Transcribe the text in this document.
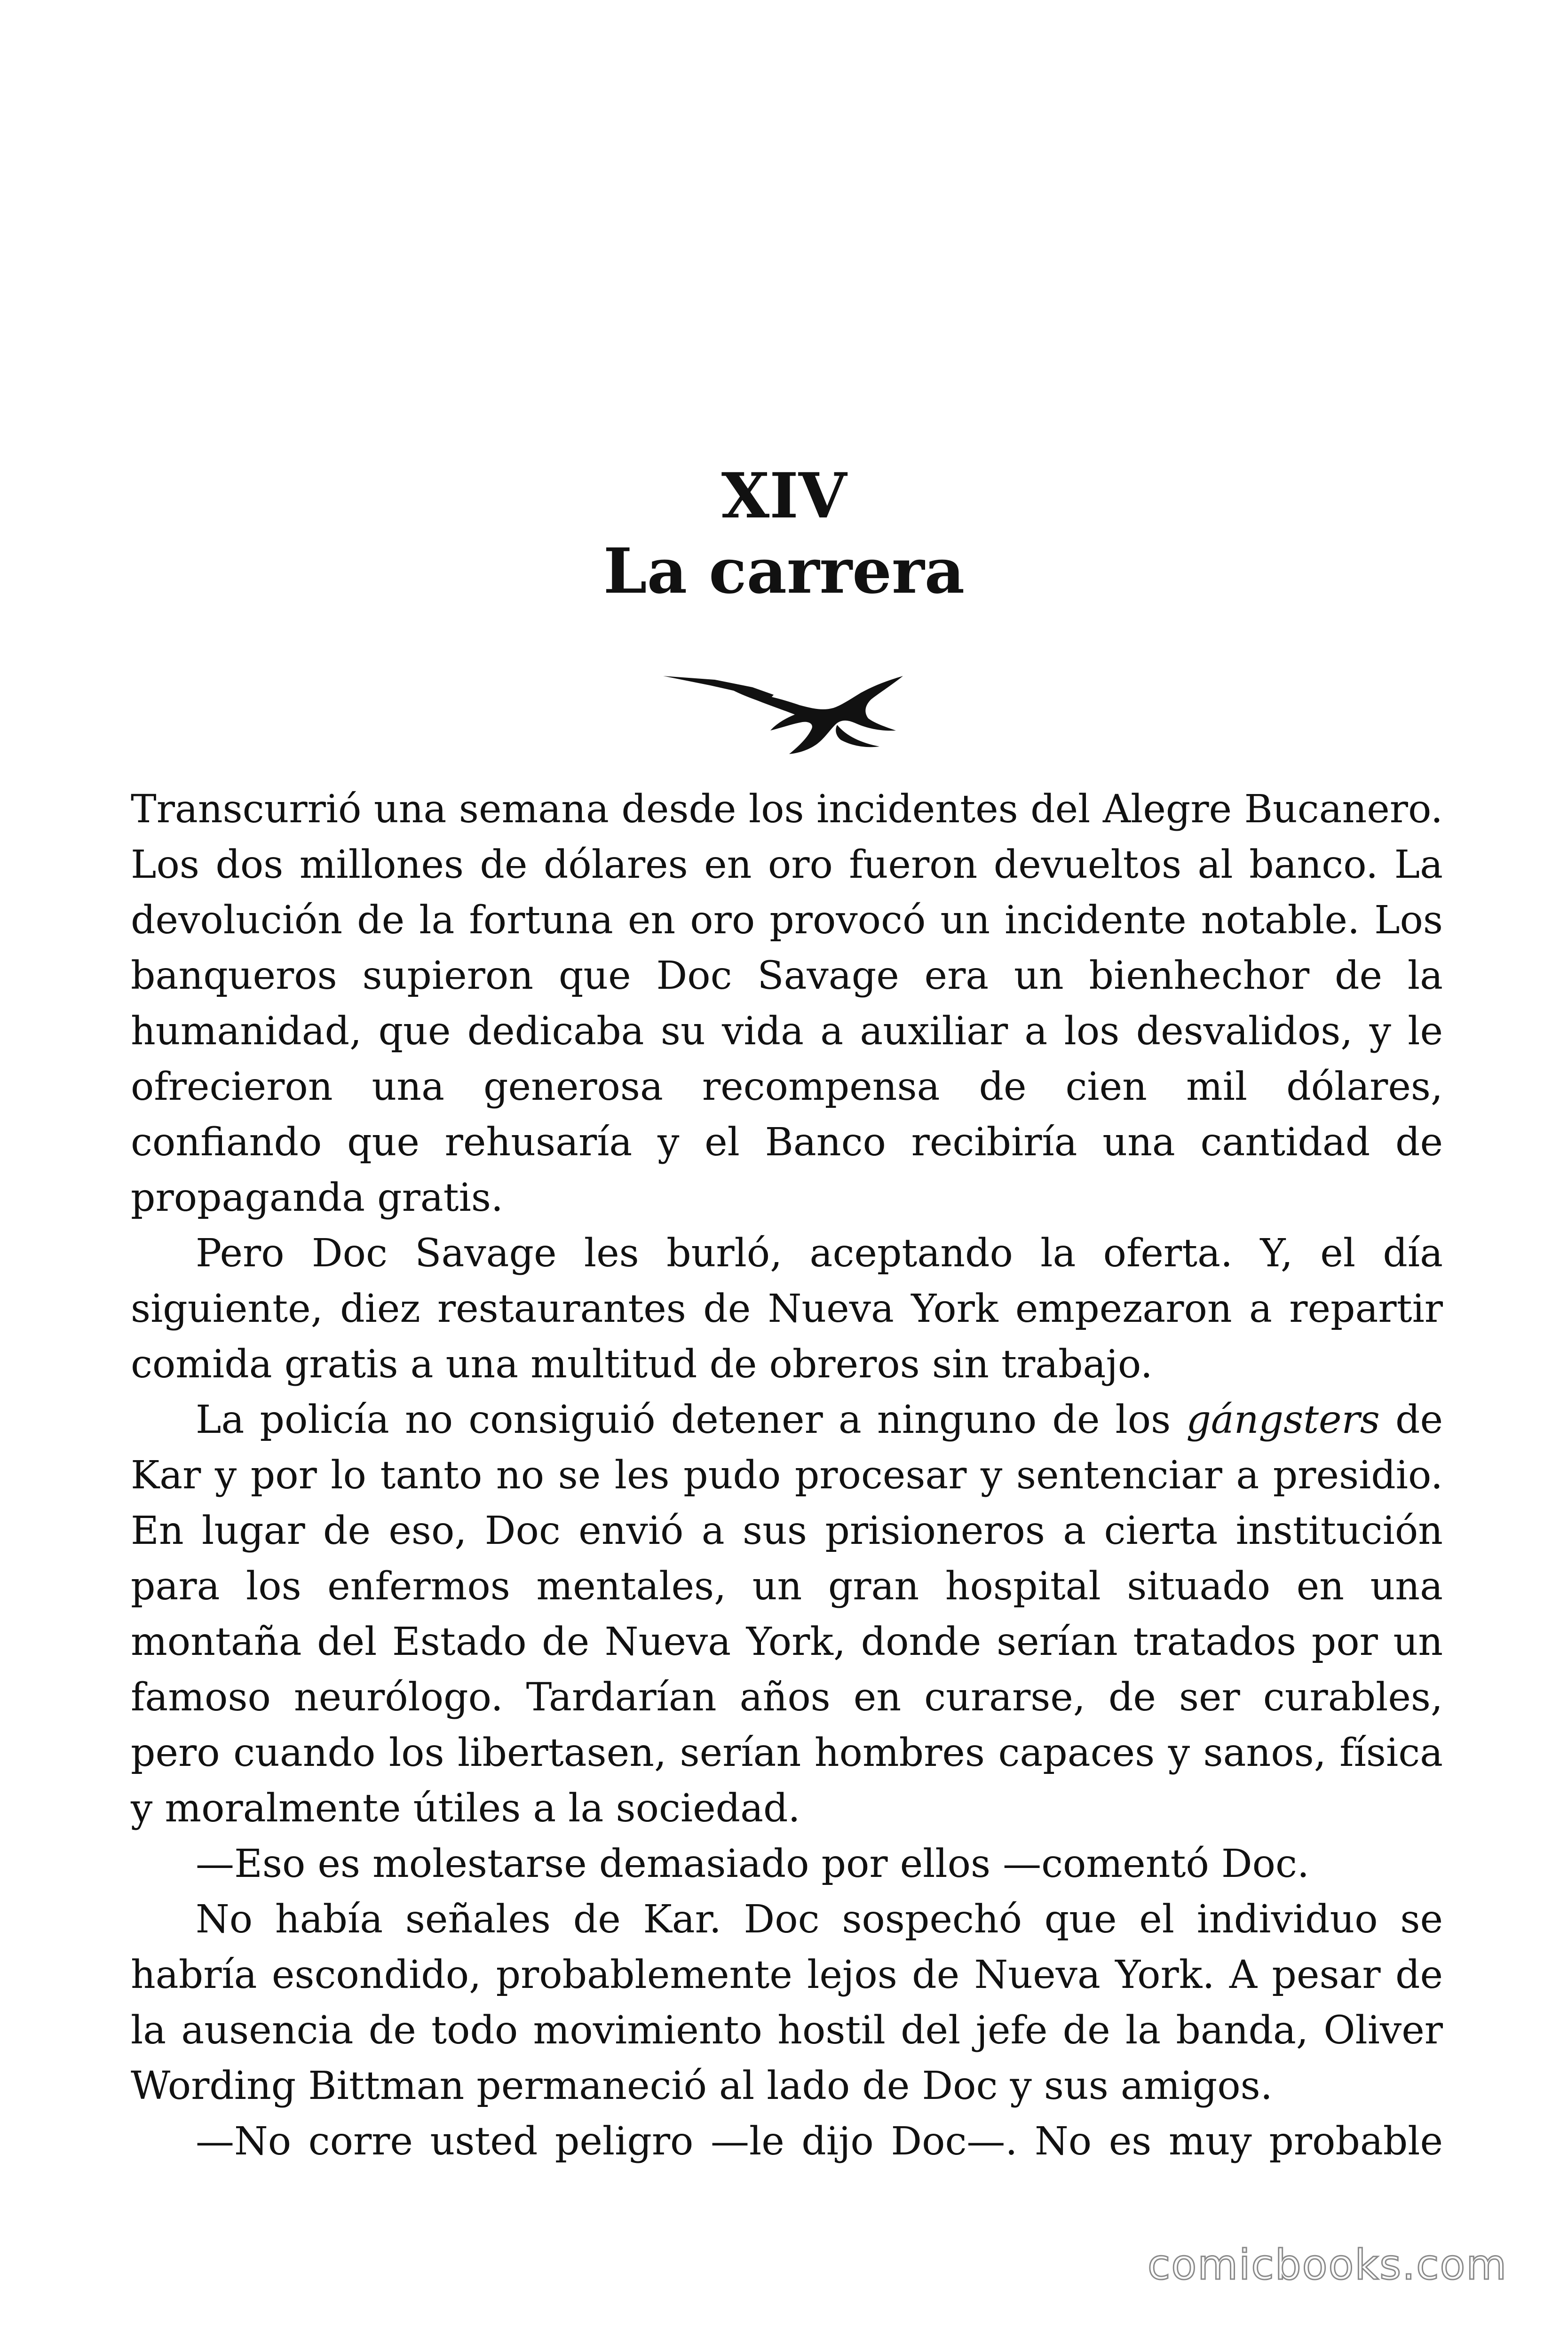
XIV
La carrera

Transcurrió una semana desde los incidentes del Alegre Bucanero. Los dos millones de dólares en oro fueron devueltos al banco. La devolución de la fortuna en oro provocó un incidente notable. Los banqueros supieron que Doc Savage era un bienhechor de la humanidad, que dedicaba su vida a auxiliar a los desvalidos, y le ofrecieron una generosa recompensa de cien mil dólares, confiando que rehusaría y el Banco recibiría una cantidad de propaganda gratis.

Pero Doc Savage les burló, aceptando la oferta. Y, el día siguiente, diez restaurantes de Nueva York empezaron a repartir comida gratis a una multitud de obreros sin trabajo.

La policía no consiguió detener a ninguno de los gángsters de Kar y por lo tanto no se les pudo procesar y sentenciar a presidio. En lugar de eso, Doc envió a sus prisioneros a cierta institución para los enfermos mentales, un gran hospital situado en una montaña del Estado de Nueva York, donde serían tratados por un famoso neurólogo. Tardarían años en curarse, de ser curables, pero cuando los libertasen, serían hombres capaces y sanos, física y moralmente útiles a la sociedad.

—Eso es molestarse demasiado por ellos —comentó Doc.

No había señales de Kar. Doc sospechó que el individuo se habría escondido, probablemente lejos de Nueva York. A pesar de la ausencia de todo movimiento hostil del jefe de la banda, Oliver Wording Bittman permaneció al lado de Doc y sus amigos.

—No corre usted peligro —le dijo Doc—. No es muy probable

comicbooks.com
